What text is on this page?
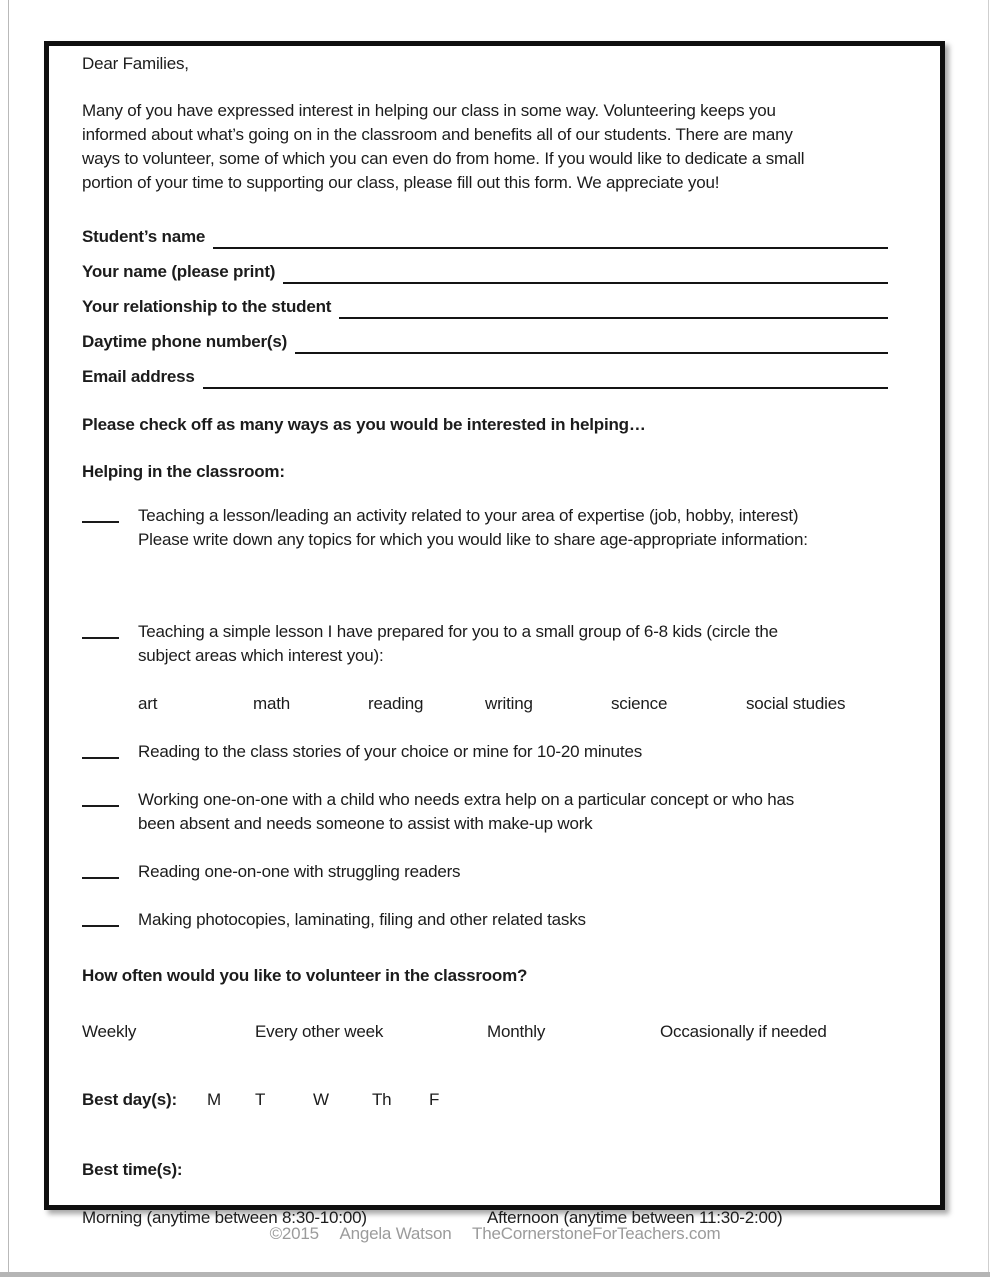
Dear Families,
Many of you have expressed interest in helping our class in some way. Volunteering keeps you
informed about what’s going on in the classroom and benefits all of our students. There are many
ways to volunteer, some of which you can even do from home. If you would like to dedicate a small
portion of your time to supporting our class, please fill out this form. We appreciate you!
Student’s name
Your name (please print)
Your relationship to the student
Daytime phone number(s)
Email address
Please check off as many ways as you would be interested in helping…
Helping in the classroom:
Teaching a lesson/leading an activity related to your area of expertise (job, hobby, interest)
Please write down any topics for which you would like to share age-appropriate information:
Teaching a simple lesson I have prepared for you to a small group of 6-8 kids (circle the
subject areas which interest you):
art	math	reading	writing	science	social studies
Reading to the class stories of your choice or mine for 10-20 minutes
Working one-on-one with a child who needs extra help on a particular concept or who has
been absent and needs someone to assist with make-up work
Reading one-on-one with struggling readers
Making photocopies, laminating, filing and other related tasks
How often would you like to volunteer in the classroom?
Weekly	Every other week	Monthly	Occasionally if needed
Best day(s):	M	T	W	Th	F
Best time(s):
Morning (anytime between 8:30-10:00)	Afternoon (anytime between 11:30-2:00)
©2015 Angela Watson TheCornerstoneForTeachers.com
